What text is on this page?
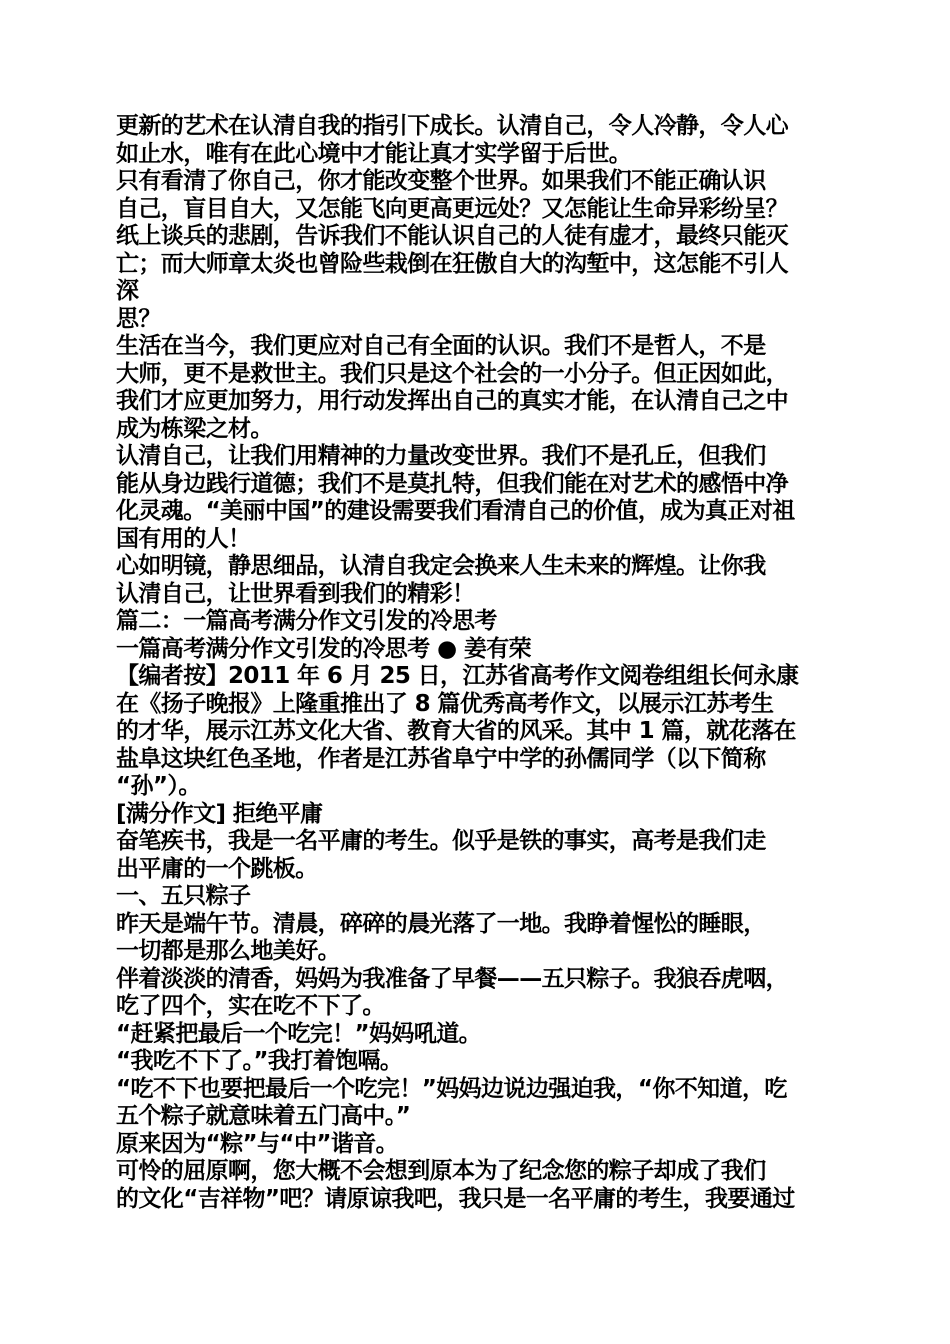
更新的艺术在认清自我的指引下成长。认清自己，令人冷静，令人心
如止水，唯有在此心境中才能让真才实学留于后世。
只有看清了你自己，你才能改变整个世界。如果我们不能正确认识
自己，盲目自大，又怎能飞向更高更远处？又怎能让生命异彩纷呈？
纸上谈兵的悲剧，告诉我们不能认识自己的人徒有虚才，最终只能灭
亡；而大师章太炎也曾险些栽倒在狂傲自大的沟堑中，这怎能不引人
深
思？
生活在当今，我们更应对自己有全面的认识。我们不是哲人，不是
大师，更不是救世主。我们只是这个社会的一小分子。但正因如此，
我们才应更加努力，用行动发挥出自己的真实才能，在认清自己之中
成为栋梁之材。
认清自己，让我们用精神的力量改变世界。我们不是孔丘，但我们
能从身边践行道德；我们不是莫扎特，但我们能在对艺术的感悟中净
化灵魂。“美丽中国”的建设需要我们看清自己的价值，成为真正对祖
国有用的人！
心如明镜，静思细品，认清自我定会换来人生未来的辉煌。让你我
认清自己，让世界看到我们的精彩！
篇二：一篇高考满分作文引发的冷思考
一篇高考满分作文引发的冷思考 ● 姜有荣
【编者按】2011 年 6 月 25 日，江苏省高考作文阅卷组组长何永康
在《扬子晚报》上隆重推出了 8 篇优秀高考作文，以展示江苏考生
的才华，展示江苏文化大省、教育大省的风采。其中 1 篇，就花落在
盐阜这块红色圣地，作者是江苏省阜宁中学的孙儒同学（以下简称
“孙”）。
[满分作文] 拒绝平庸
奋笔疾书，我是一名平庸的考生。似乎是铁的事实，高考是我们走
出平庸的一个跳板。
一、五只粽子
昨天是端午节。清晨，碎碎的晨光落了一地。我睁着惺忪的睡眼，
一切都是那么地美好。
伴着淡淡的清香，妈妈为我准备了早餐——五只粽子。我狼吞虎咽，
吃了四个，实在吃不下了。
“赶紧把最后一个吃完！”妈妈吼道。
“我吃不下了。”我打着饱嗝。
“吃不下也要把最后一个吃完！”妈妈边说边强迫我，“你不知道，吃
五个粽子就意味着五门高中。”
原来因为“粽”与“中”谐音。
可怜的屈原啊，您大概不会想到原本为了纪念您的粽子却成了我们
的文化“吉祥物”吧？请原谅我吧，我只是一名平庸的考生，我要通过
